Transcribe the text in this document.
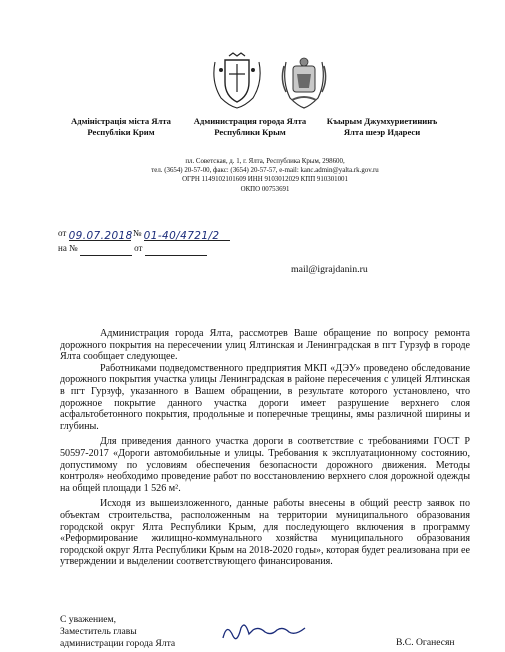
Адміністрація міста Ялта
Республіки Крим
Администрация города Ялта
Республики Крым
Къырым Джумхуриетининъ
Ялта шеэр Идареси
пл. Советская, д. 1, г. Ялта, Республика Крым, 298600,
тел. (3654) 20-57-00, факс: (3654) 20-57-57, e-mail: kanc.admin@yalta.rk.gov.ru
ОГРН 1149102101609 ИНН 9103012029 КПП 910301001
ОКПО 00753691
от 09.07.2018 № 01-40/4721/2
на №	от
mail@igrajdanin.ru

Администрация города Ялта, рассмотрев Ваше обращение по вопросу ремонта дорожного покрытия на пересечении улиц Ялтинская и Ленинградская в пгт Гурзуф в городе Ялта сообщает следующее.

Работниками подведомственного предприятия МКП «ДЭУ» проведено обследование дорожного покрытия участка улицы Ленинградская в районе пересечения с улицей Ялтинская в пгт Гурзуф, указанного в Вашем обращении, в результате которого установлено, что дорожное покрытие данного участка дороги имеет разрушение верхнего слоя асфальтобетонного покрытия, продольные и поперечные трещины, ямы различной ширины и глубины.

Для приведения данного участка дороги в соответствие с требованиями ГОСТ Р 50597-2017 «Дороги автомобильные и улицы. Требования к эксплуатационному состоянию, допустимому по условиям обеспечения безопасности дорожного движения. Методы контроля» необходимо проведение работ по восстановлению верхнего слоя дорожной одежды на общей площади 1 526 м².

Исходя из вышеизложенного, данные работы внесены в общий реестр заявок по объектам строительства, расположенным на территории муниципального образования городской округ Ялта Республики Крым, для последующего включения в программу «Реформирование жилищно-коммунального хозяйства муниципального образования городской округ Ялта Республики Крым на 2018-2020 годы», которая будет реализована при ее утверждении и выделении соответствующего финансирования.

С уважением,
Заместитель главы
администрации города Ялта	В.С. Оганесян
